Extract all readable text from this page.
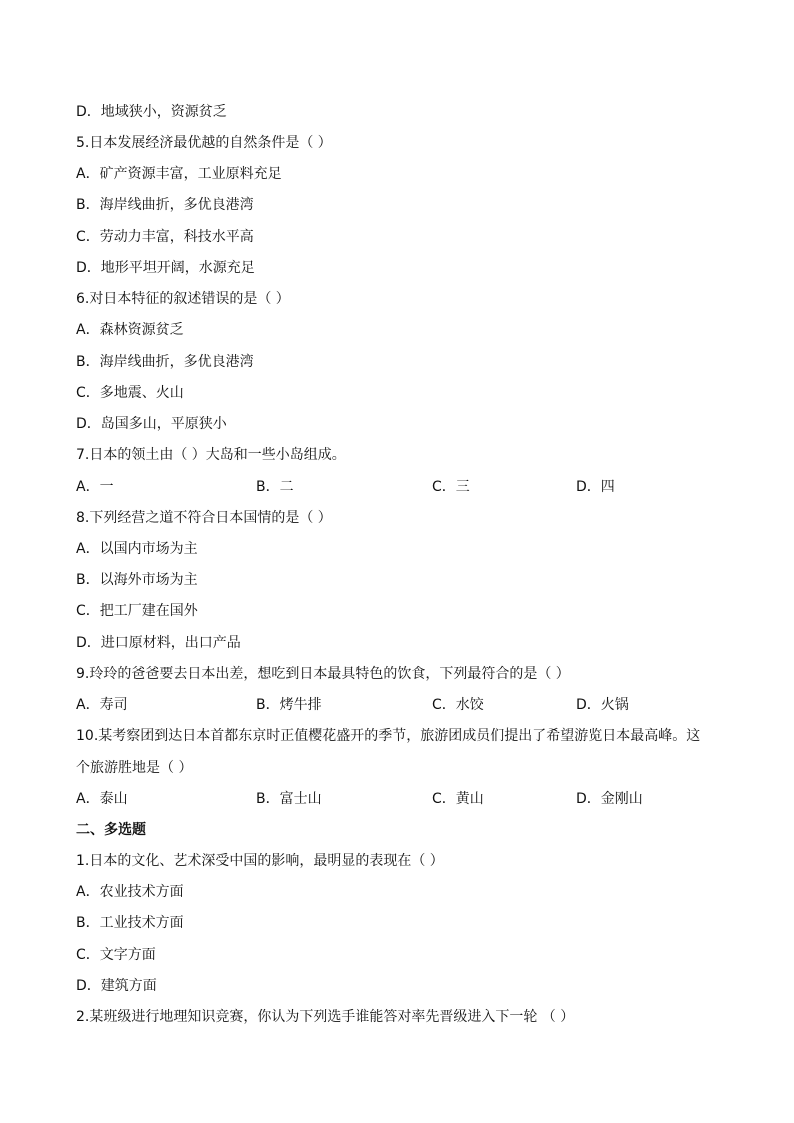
D．地域狭小，资源贫乏
5.日本发展经济最优越的自然条件是（ ）
A．矿产资源丰富，工业原料充足
B．海岸线曲折，多优良港湾
C．劳动力丰富，科技水平高
D．地形平坦开阔，水源充足
6.对日本特征的叙述错误的是（ ）
A．森林资源贫乏
B．海岸线曲折，多优良港湾
C．多地震、火山
D．岛国多山，平原狭小
7.日本的领土由（ ）大岛和一些小岛组成。
A．一	B．二	C．三	D．四
8.下列经营之道不符合日本国情的是（ ）
A．以国内市场为主
B．以海外市场为主
C．把工厂建在国外
D．进口原材料，出口产品
9.玲玲的爸爸要去日本出差，想吃到日本最具特色的饮食，下列最符合的是（ ）
A．寿司	B．烤牛排	C．水饺	D．火锅
10.某考察团到达日本首都东京时正值樱花盛开的季节，旅游团成员们提出了希望游览日本最高峰。这
个旅游胜地是（ ）
A．泰山	B．富士山	C．黄山	D．金刚山
二、多选题
1.日本的文化、艺术深受中国的影响，最明显的表现在（ ）
A．农业技术方面
B．工业技术方面
C．文字方面
D．建筑方面
2.某班级进行地理知识竞赛，你认为下列选手谁能答对率先晋级进入下一轮 （ ）
